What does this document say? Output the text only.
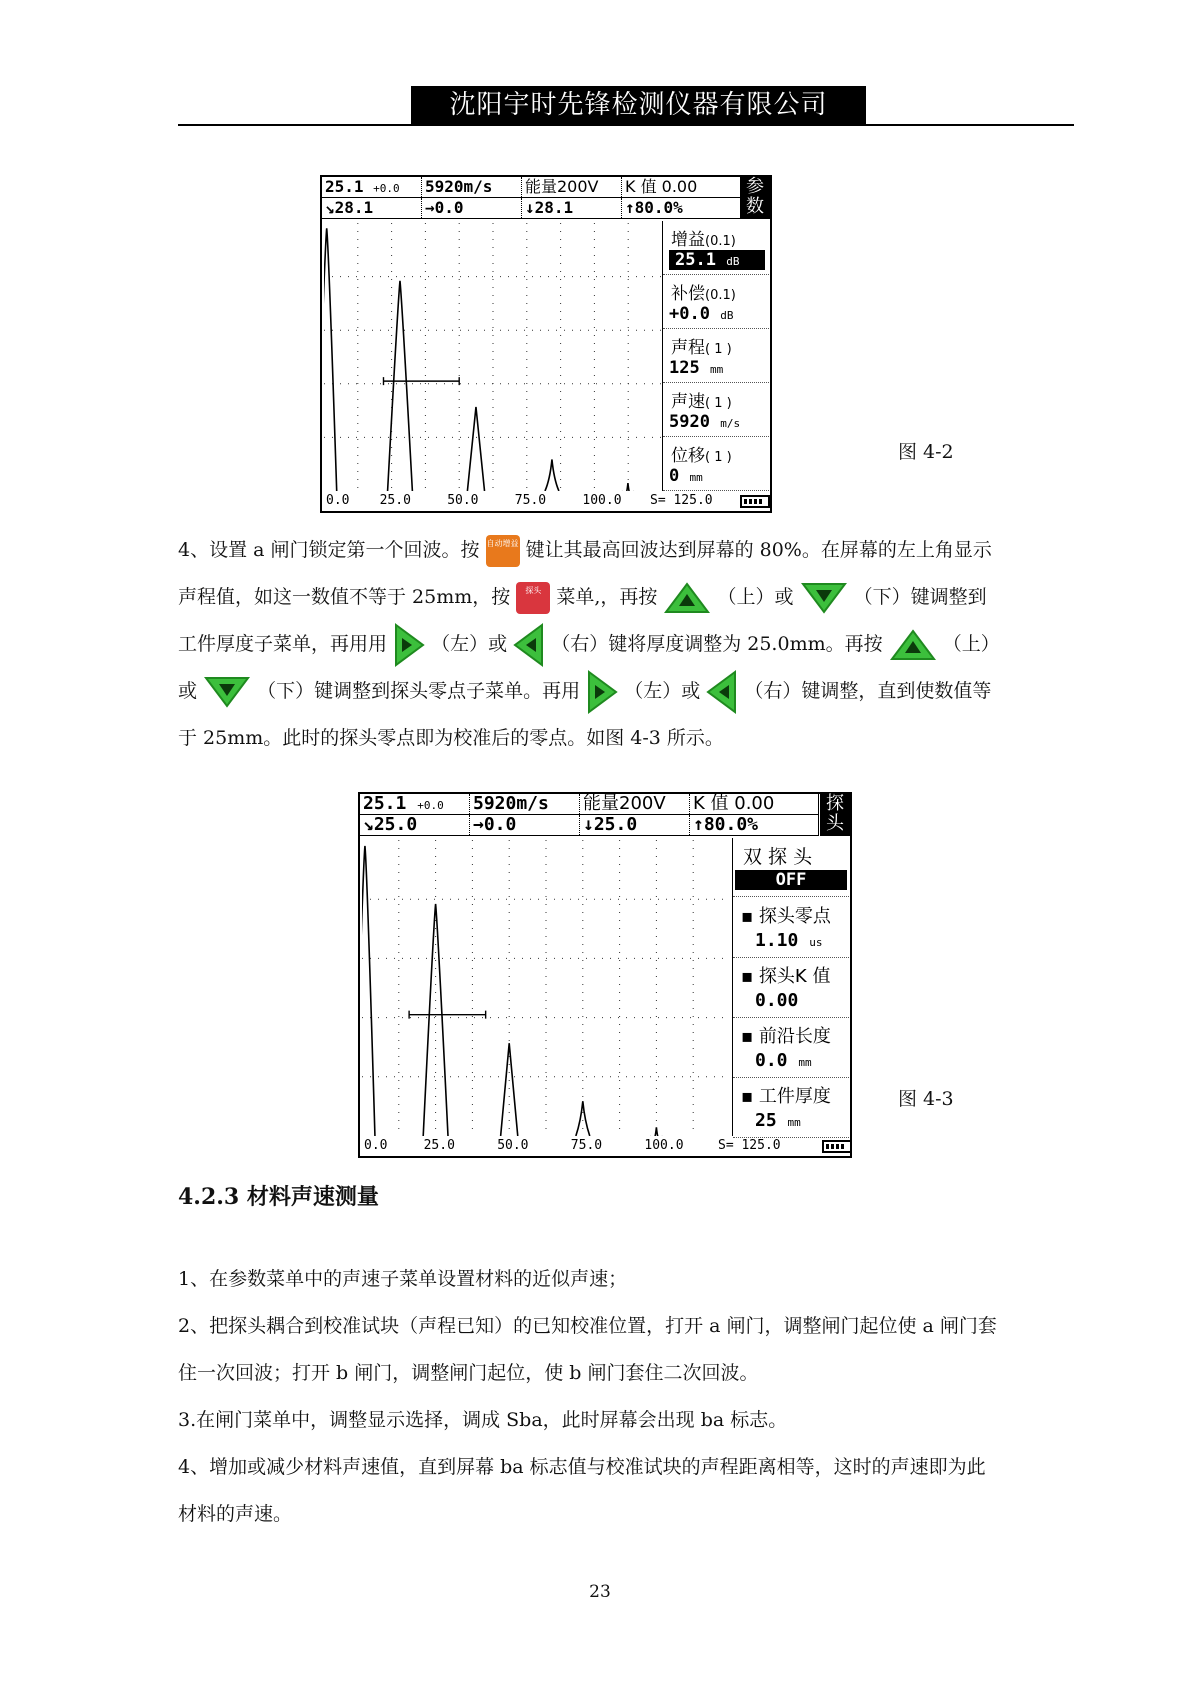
沈阳宇时先锋检测仪器有限公司
25.1 +0.0	5920m/s	能量200V	K 值 0.00
↘28.1	→0.0	↓28.1	↑80.0%
参数
增益(0.1)
25.1 dB
补偿(0.1)
+0.0 dB
声程( 1 )
125 mm
声速( 1 )
5920 m/s
位移( 1 )
0 mm
0.0 25.0	50.0	75.0	100.0 S= 125.0
图 4-2
4、设置 a 闸门锁定第一个回波。按 自动增益 键让其最高回波达到屏幕的 80%。在屏幕的左上角显示
声程值，如这一数值不等于 25mm，按 探头 菜单,，再按	（上）或	（下）键调整到
工件厚度子菜单，再用用 （左）或 （右）键将厚度调整为 25.0mm。再按	（上）
或	（下）键调整到探头零点子菜单。再用 （左）或 （右）键调整，直到使数值等
于 25mm。此时的探头零点即为校准后的零点。如图 4-3 所示。
25.1 +0.0	5920m/s	能量200V	K 值 0.00
↘25.0	→0.0	↓25.0	↑80.0%
探头
双 探 头
OFF
▪ 探头零点
1.10 us
▪ 探头K 值
0.00
▪ 前沿长度
0.0 mm
▪ 工件厚度
25 mm
0.0	25.0	50.0	75.0	100.0	S= 125.0
图 4-3
4.2.3 材料声速测量
1、在参数菜单中的声速子菜单设置材料的近似声速；
2、把探头耦合到校准试块（声程已知）的已知校准位置，打开 a 闸门，调整闸门起位使 a 闸门套
住一次回波；打开 b 闸门，调整闸门起位，使 b 闸门套住二次回波。
3.在闸门菜单中，调整显示选择，调成 Sba，此时屏幕会出现 ba 标志。
4、增加或减少材料声速值，直到屏幕 ba 标志值与校准试块的声程距离相等，这时的声速即为此
材料的声速。
23
